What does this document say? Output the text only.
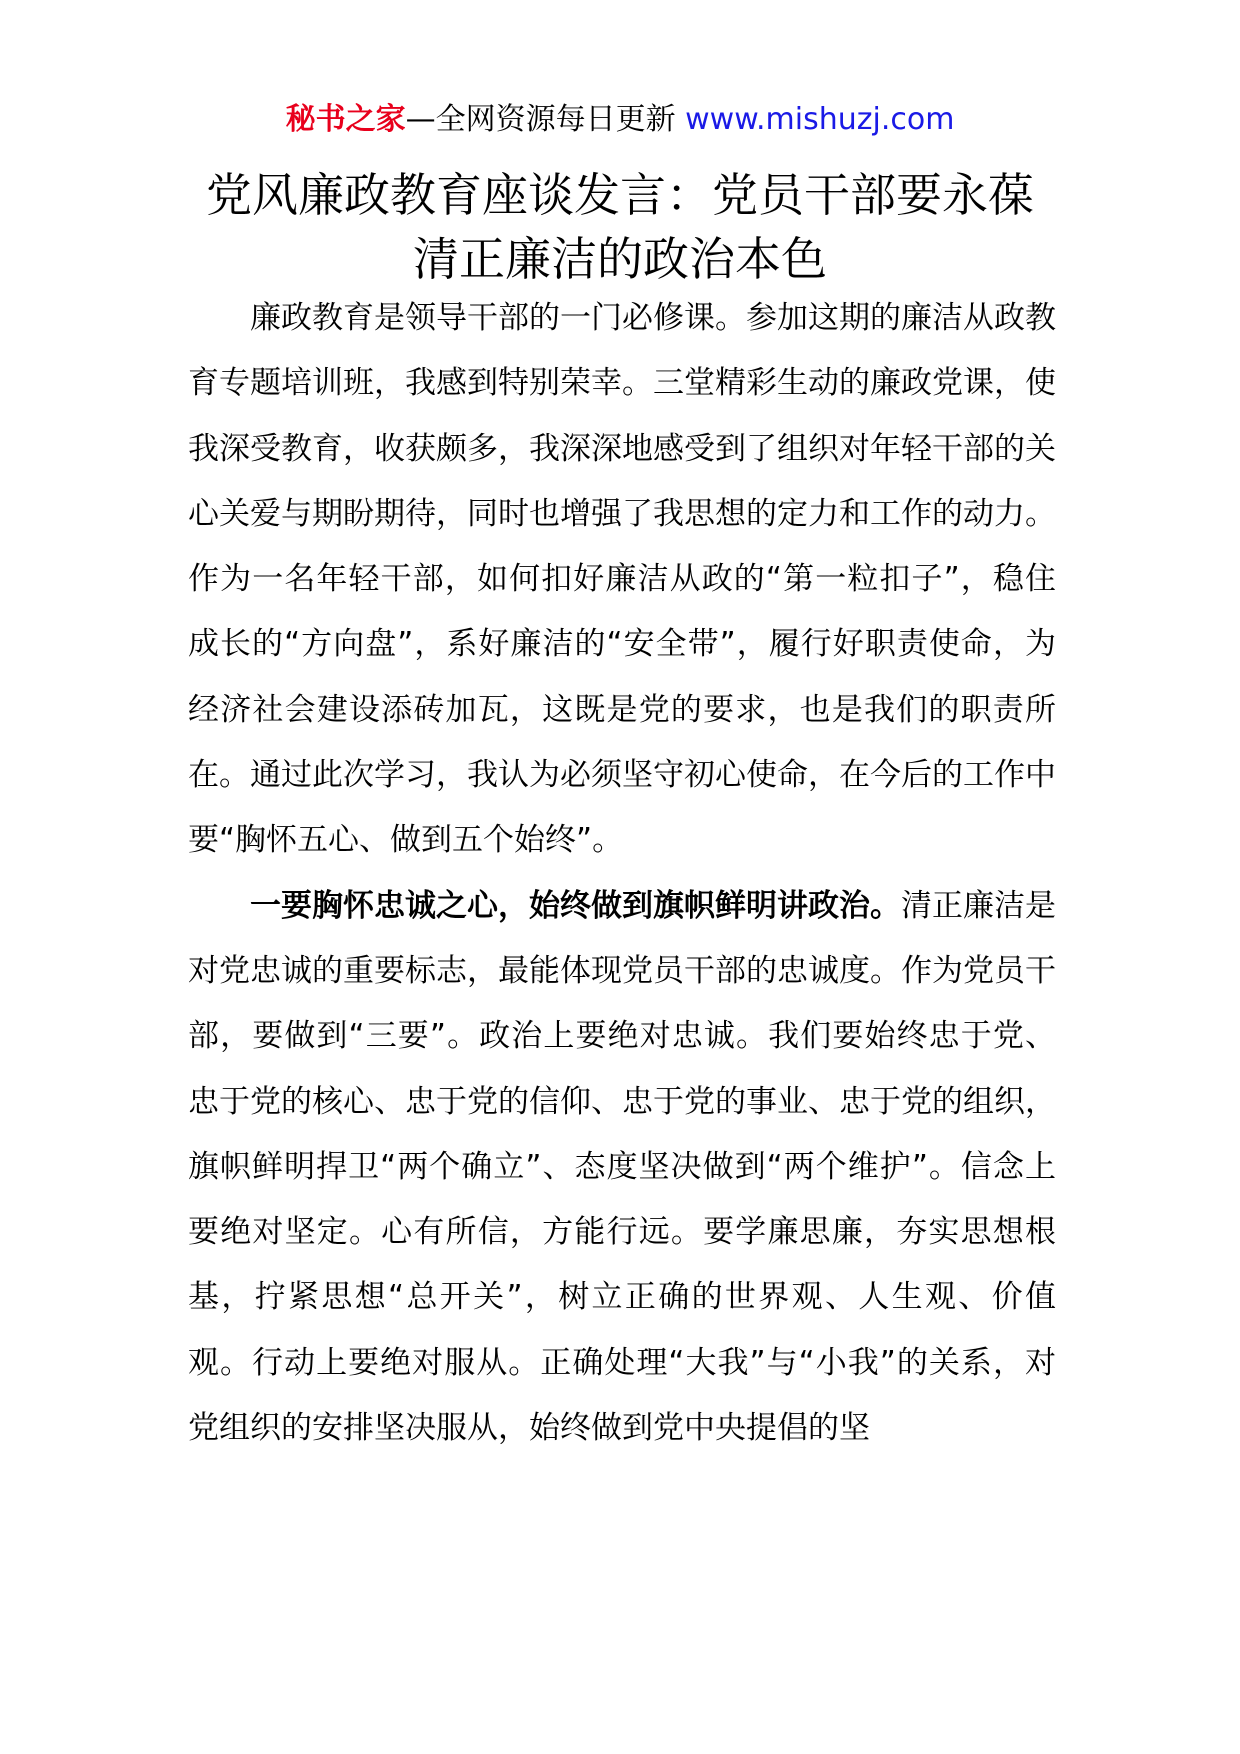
秘书之家—全网资源每日更新 www.mishuzj.com
党风廉政教育座谈发言：党员干部要永葆清正廉洁的政治本色

廉政教育是领导干部的一门必修课。参加这期的廉洁从政教育专题培训班，我感到特别荣幸。三堂精彩生动的廉政党课，使我深受教育，收获颇多，我深深地感受到了组织对年轻干部的关心关爱与期盼期待，同时也增强了我思想的定力和工作的动力。作为一名年轻干部，如何扣好廉洁从政的“第一粒扣子”，稳住成长的“方向盘”，系好廉洁的“安全带”，履行好职责使命，为经济社会建设添砖加瓦，这既是党的要求，也是我们的职责所在。通过此次学习，我认为必须坚守初心使命，在今后的工作中要“胸怀五心、做到五个始终”。

一要胸怀忠诚之心，始终做到旗帜鲜明讲政治。清正廉洁是对党忠诚的重要标志，最能体现党员干部的忠诚度。作为党员干部，要做到“三要”。政治上要绝对忠诚。我们要始终忠于党、忠于党的核心、忠于党的信仰、忠于党的事业、忠于党的组织，旗帜鲜明捍卫“两个确立”、态度坚决做到“两个维护”。信念上要绝对坚定。心有所信，方能行远。要学廉思廉，夯实思想根基，拧紧思想“总开关”，树立正确的世界观、人生观、价值观。行动上要绝对服从。正确处理“大我”与“小我”的关系，对党组织的安排坚决服从，始终做到党中央提倡的坚
